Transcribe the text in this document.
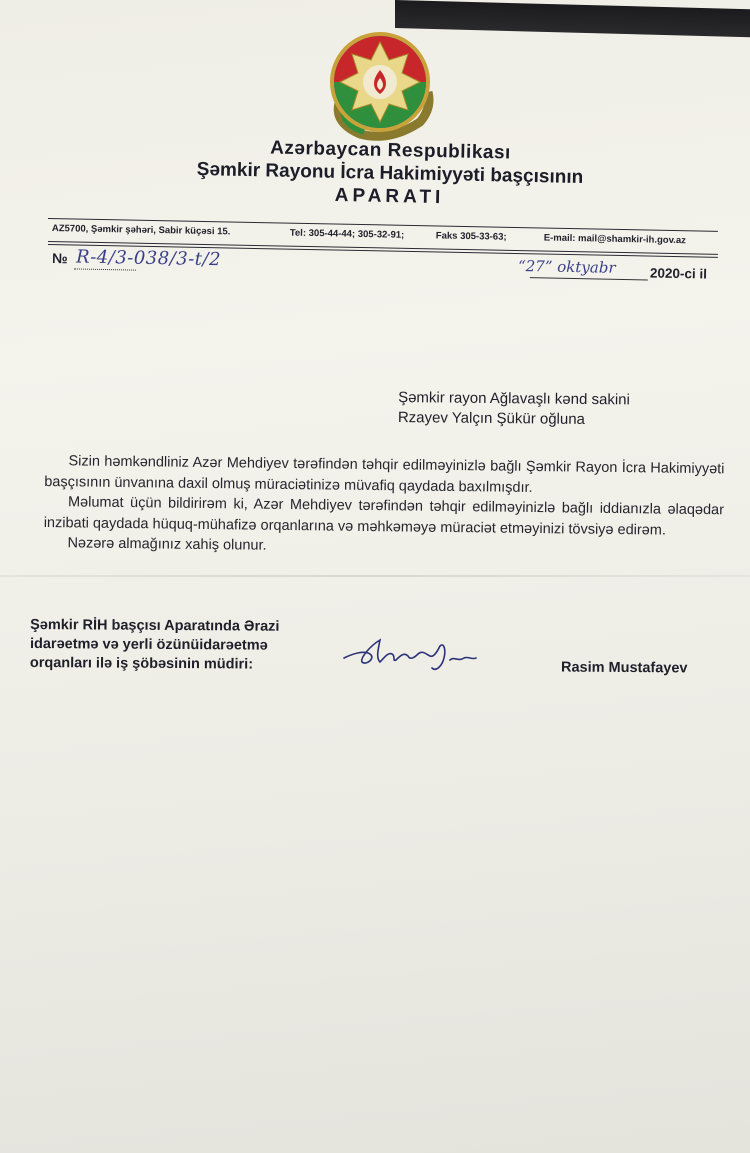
Azərbaycan Respublikası
Şəmkir Rayonu İcra Hakimiyyəti başçısının
APARATI
AZ5700, Şəmkir şəhəri, Sabir küçəsi 15.	Tel: 305-44-44; 305-32-91;	Faks 305-33-63;	E-mail: mail@shamkir-ih.gov.az
№ R-4/3-038/3-t/2	“27” oktyabr	2020-ci il
Şəmkir rayon Ağlavaşlı kənd sakini
Rzayev Yalçın Şükür oğluna

Sizin həmkəndliniz Azər Mehdiyev tərəfindən təhqir edilməyinizlə bağlı Şəmkir Rayon İcra Hakimiyyəti başçısının ünvanına daxil olmuş müraciətinizə müvafiq qaydada baxılmışdır.

Məlumat üçün bildirirəm ki, Azər Mehdiyev tərəfindən təhqir edilməyinizlə bağlı iddianızla əlaqədar inzibati qaydada hüquq-mühafizə orqanlarına və məhkəməyə müraciət etməyinizi tövsiyə edirəm.

Nəzərə almağınız xahiş olunur.

Şəmkir RİH başçısı Aparatında Ərazi
idarəetmə və yerli özünüidarəetmə
orqanları ilə iş şöbəsinin müdiri:	Rasim Mustafayev
